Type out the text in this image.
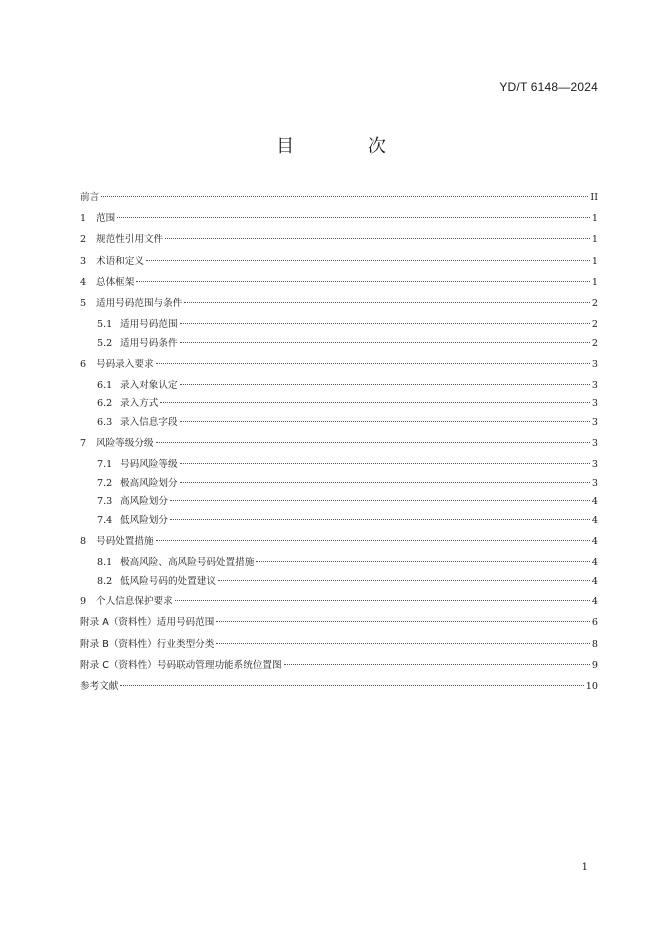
YD/T 6148—2024
目 次
前言	II
1	范围	1
2	规范性引用文件	1
3	术语和定义	1
4	总体框架	1
5	适用号码范围与条件	2
5.1 适用号码范围	2
5.2 适用号码条件	2
6	号码录入要求	3
6.1 录入对象认定	3
6.2 录入方式	3
6.3 录入信息字段	3
7	风险等级分级	3
7.1 号码风险等级	3
7.2 极高风险划分	3
7.3 高风险划分	4
7.4 低风险划分	4
8	号码处置措施	4
8.1 极高风险、高风险号码处置措施	4
8.2 低风险号码的处置建议	4
9	个人信息保护要求	4
附录 A（资料性）适用号码范围	6
附录 B（资料性）行业类型分类	8
附录 C（资料性）号码联动管理功能系统位置图	9
参考文献	10
1
